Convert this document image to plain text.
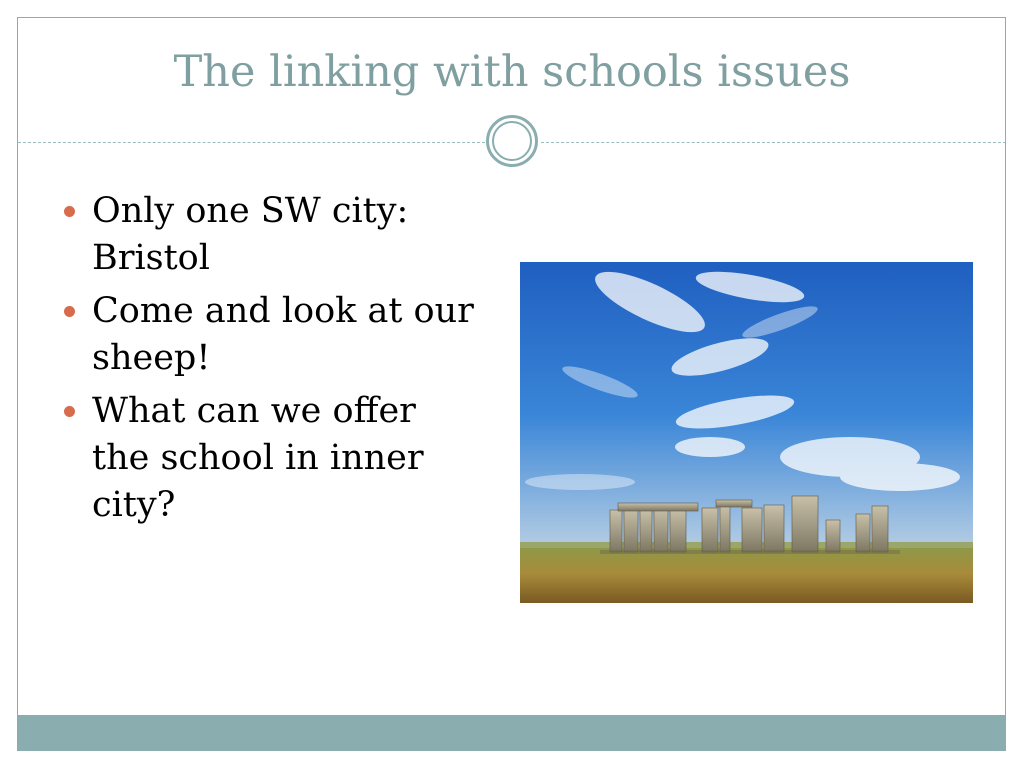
The linking with schools issues
Only one SW city: Bristol
Come and look at our sheep!
What can we offer the school in inner city?
